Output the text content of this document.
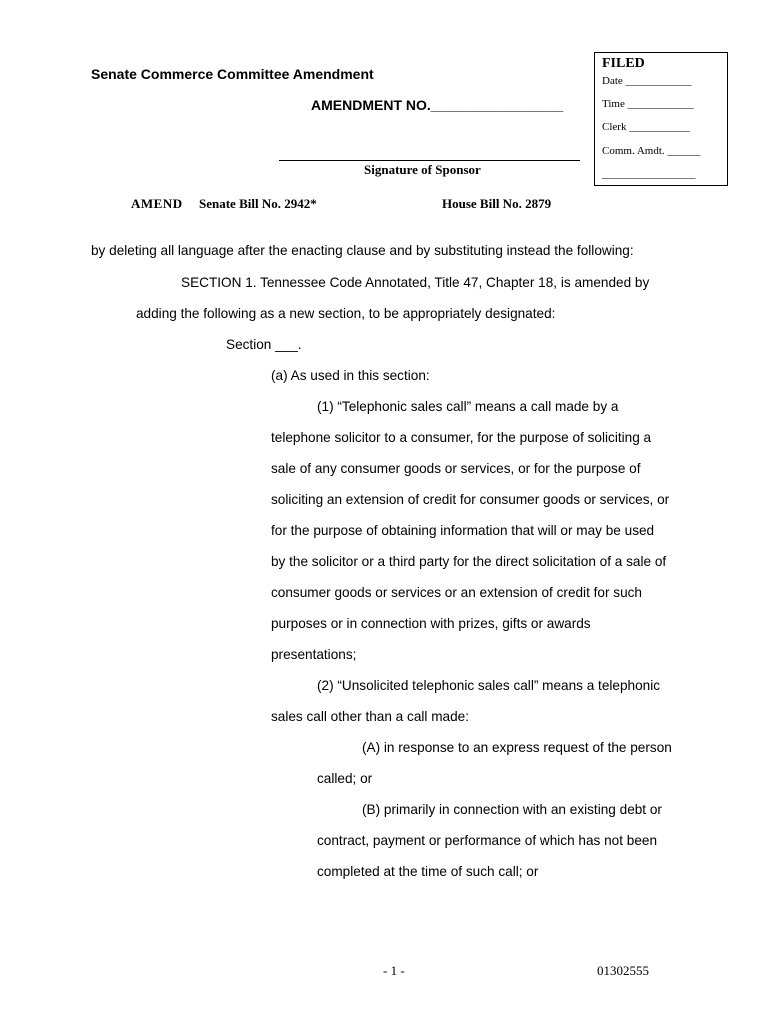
Senate Commerce Committee Amendment
AMENDMENT NO._________________
FILED
Date ____________
Time ____________
Clerk ___________
Comm. Amdt. ______
_________________
Signature of Sponsor
AMEND Senate Bill No. 2942*	House Bill No. 2879
by deleting all language after the enacting clause and by substituting instead the following:
SECTION 1. Tennessee Code Annotated, Title 47, Chapter 18, is amended by
adding the following as a new section, to be appropriately designated:
Section ___.
(a) As used in this section:
(1) “Telephonic sales call” means a call made by a
telephone solicitor to a consumer, for the purpose of soliciting a
sale of any consumer goods or services, or for the purpose of
soliciting an extension of credit for consumer goods or services, or
for the purpose of obtaining information that will or may be used
by the solicitor or a third party for the direct solicitation of a sale of
consumer goods or services or an extension of credit for such
purposes or in connection with prizes, gifts or awards
presentations;
(2) “Unsolicited telephonic sales call” means a telephonic
sales call other than a call made:
(A) in response to an express request of the person
called; or
(B) primarily in connection with an existing debt or
contract, payment or performance of which has not been
completed at the time of such call; or
- 1 -	01302555
